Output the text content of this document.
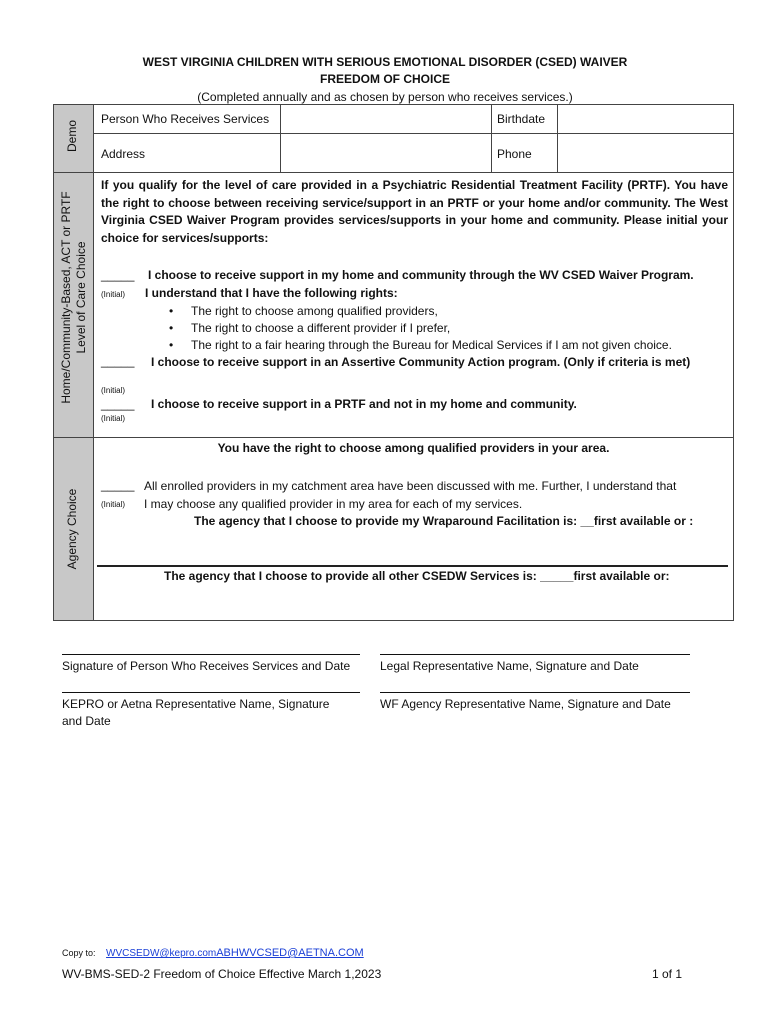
WEST VIRGINIA CHILDREN WITH SERIOUS EMOTIONAL DISORDER (CSED) WAIVER
FREEDOM OF CHOICE
(Completed annually and as chosen by person who receives services.)
Demo
Home/Community-Based, ACT or PRTF Level of Care Choice
Agency Choice
Person Who Receives Services	Birthdate
Address	Phone
If you qualify for the level of care provided in a Psychiatric Residential Treatment Facility (PRTF). You have the right to choose between receiving service/support in an PRTF or your home and/or community. The West Virginia CSED Waiver Program provides services/supports in your home and community. Please initial your choice for services/supports:
_____ I choose to receive support in my home and community through the WV CSED Waiver Program.
(Initial) I understand that I have the following rights:
• The right to choose among qualified providers,
• The right to choose a different provider if I prefer,
• The right to a fair hearing through the Bureau for Medical Services if I am not given choice.
_____ I choose to receive support in an Assertive Community Action program. (Only if criteria is met)
(Initial)
_____ I choose to receive support in a PRTF and not in my home and community.
(Initial)
You have the right to choose among qualified providers in your area.
_____ All enrolled providers in my catchment area have been discussed with me. Further, I understand that
(Initial) I may choose any qualified provider in my area for each of my services.
The agency that I choose to provide my Wraparound Facilitation is: __first available or :
The agency that I choose to provide all other CSEDW Services is: _____first available or:
Signature of Person Who Receives Services and Date	Legal Representative Name, Signature and Date
KEPRO or Aetna Representative Name, Signature and Date
WF Agency Representative Name, Signature and Date
Copy to: WVCSEDW@kepro.comABHWVCSED@AETNA.COM
WV-BMS-SED-2 Freedom of Choice Effective March 1,2023	1 of 1
